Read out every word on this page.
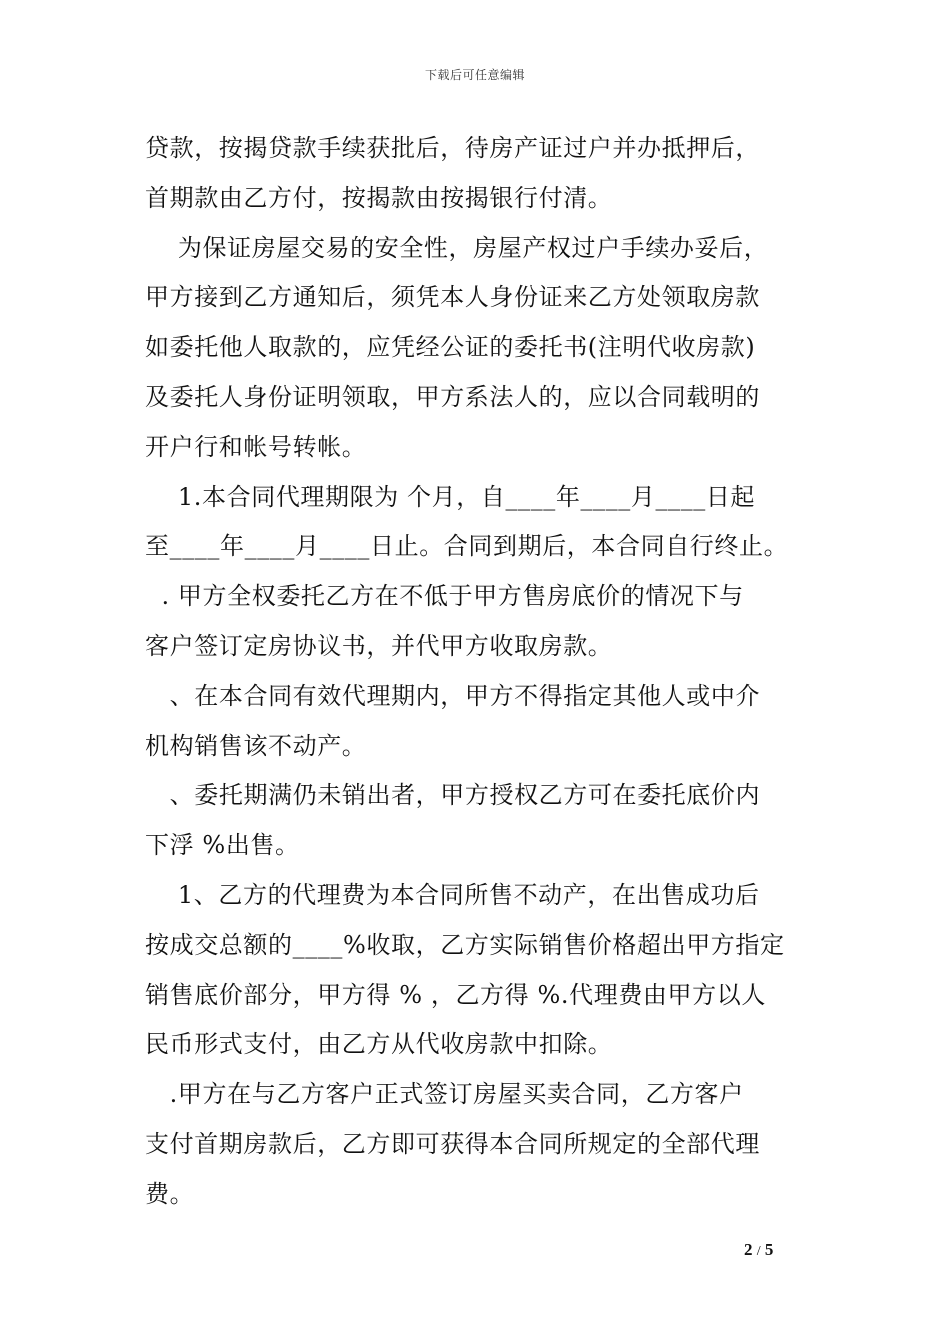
下载后可任意编辑
贷款，按揭贷款手续获批后，待房产证过户并办抵押后，
首期款由乙方付，按揭款由按揭银行付清。
为保证房屋交易的安全性，房屋产权过户手续办妥后，
甲方接到乙方通知后，须凭本人身份证来乙方处领取房款
如委托他人取款的，应凭经公证的委托书(注明代收房款)
及委托人身份证明领取，甲方系法人的，应以合同载明的
开户行和帐号转帐。
1.本合同代理期限为 个月，自____年____月____日起
至____年____月____日止。合同到期后，本合同自行终止。
. 甲方全权委托乙方在不低于甲方售房底价的情况下与
客户签订定房协议书，并代甲方收取房款。
、在本合同有效代理期内，甲方不得指定其他人或中介
机构销售该不动产。
、委托期满仍未销出者，甲方授权乙方可在委托底价内
下浮 %出售。
1、乙方的代理费为本合同所售不动产，在出售成功后
按成交总额的____%收取，乙方实际销售价格超出甲方指定
销售底价部分，甲方得 % ，乙方得 %.代理费由甲方以人
民币形式支付，由乙方从代收房款中扣除。
.甲方在与乙方客户正式签订房屋买卖合同，乙方客户
支付首期房款后，乙方即可获得本合同所规定的全部代理
费。
2 / 5
